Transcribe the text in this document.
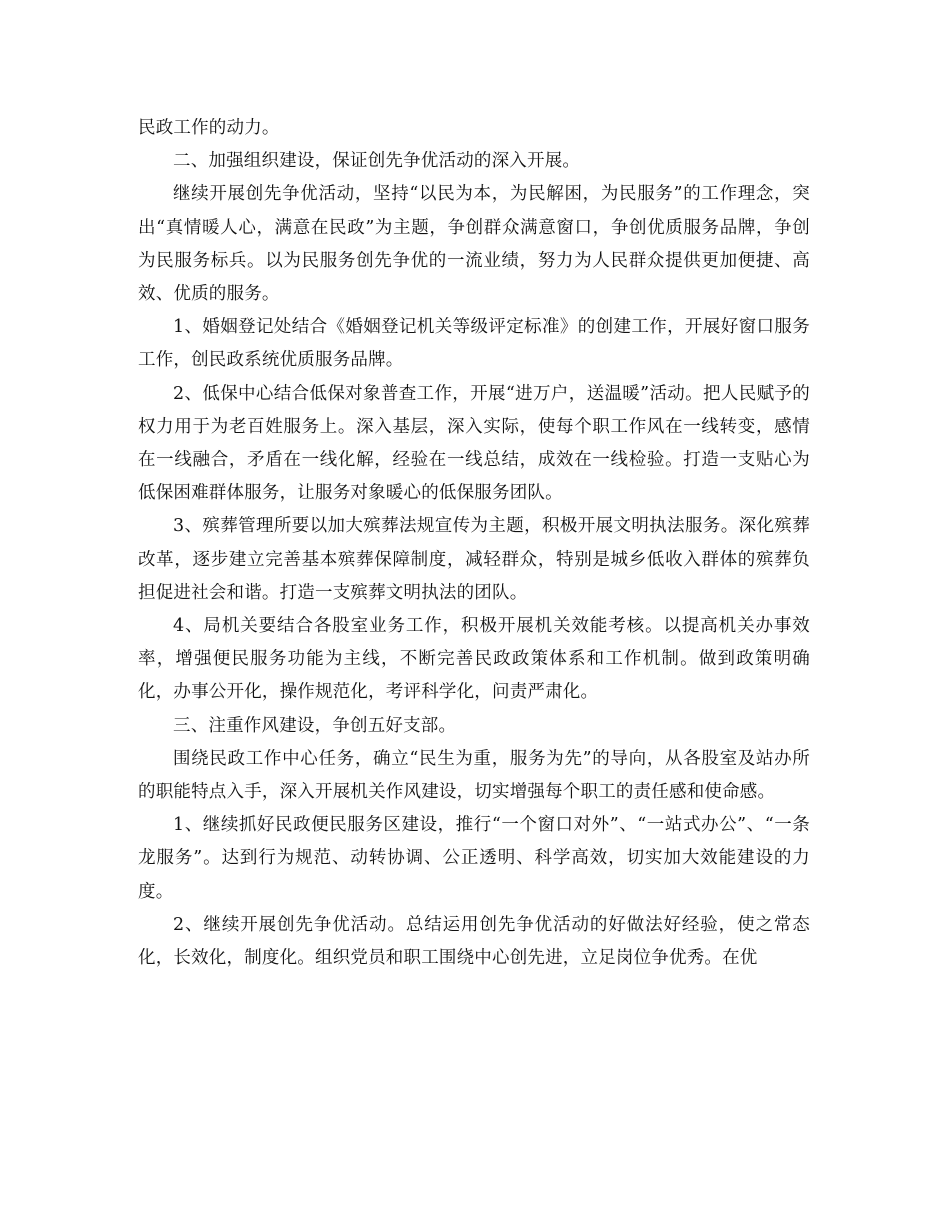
民政工作的动力。

二、加强组织建设，保证创先争优活动的深入开展。

继续开展创先争优活动，坚持“以民为本，为民解困，为民服务”的工作理念，突出“真情暖人心，满意在民政”为主题，争创群众满意窗口，争创优质服务品牌，争创为民服务标兵。以为民服务创先争优的一流业绩，努力为人民群众提供更加便捷、高效、优质的服务。

1、婚姻登记处结合《婚姻登记机关等级评定标准》的创建工作，开展好窗口服务工作，创民政系统优质服务品牌。

2、低保中心结合低保对象普查工作，开展“进万户，送温暖”活动。把人民赋予的权力用于为老百姓服务上。深入基层，深入实际，使每个职工作风在一线转变，感情在一线融合，矛盾在一线化解，经验在一线总结，成效在一线检验。打造一支贴心为低保困难群体服务，让服务对象暖心的低保服务团队。

3、殡葬管理所要以加大殡葬法规宣传为主题，积极开展文明执法服务。深化殡葬改革，逐步建立完善基本殡葬保障制度，减轻群众，特别是城乡低收入群体的殡葬负担促进社会和谐。打造一支殡葬文明执法的团队。

4、局机关要结合各股室业务工作，积极开展机关效能考核。以提高机关办事效率，增强便民服务功能为主线，不断完善民政政策体系和工作机制。做到政策明确化，办事公开化，操作规范化，考评科学化，问责严肃化。

三、注重作风建设，争创五好支部。

围绕民政工作中心任务，确立“民生为重，服务为先”的导向，从各股室及站办所的职能特点入手，深入开展机关作风建设，切实增强每个职工的责任感和使命感。

1、继续抓好民政便民服务区建设，推行“一个窗口对外”、“一站式办公”、“一条龙服务”。达到行为规范、动转协调、公正透明、科学高效，切实加大效能建设的力度。

2、继续开展创先争优活动。总结运用创先争优活动的好做法好经验，使之常态化，长效化，制度化。组织党员和职工围绕中心创先进，立足岗位争优秀。在优
